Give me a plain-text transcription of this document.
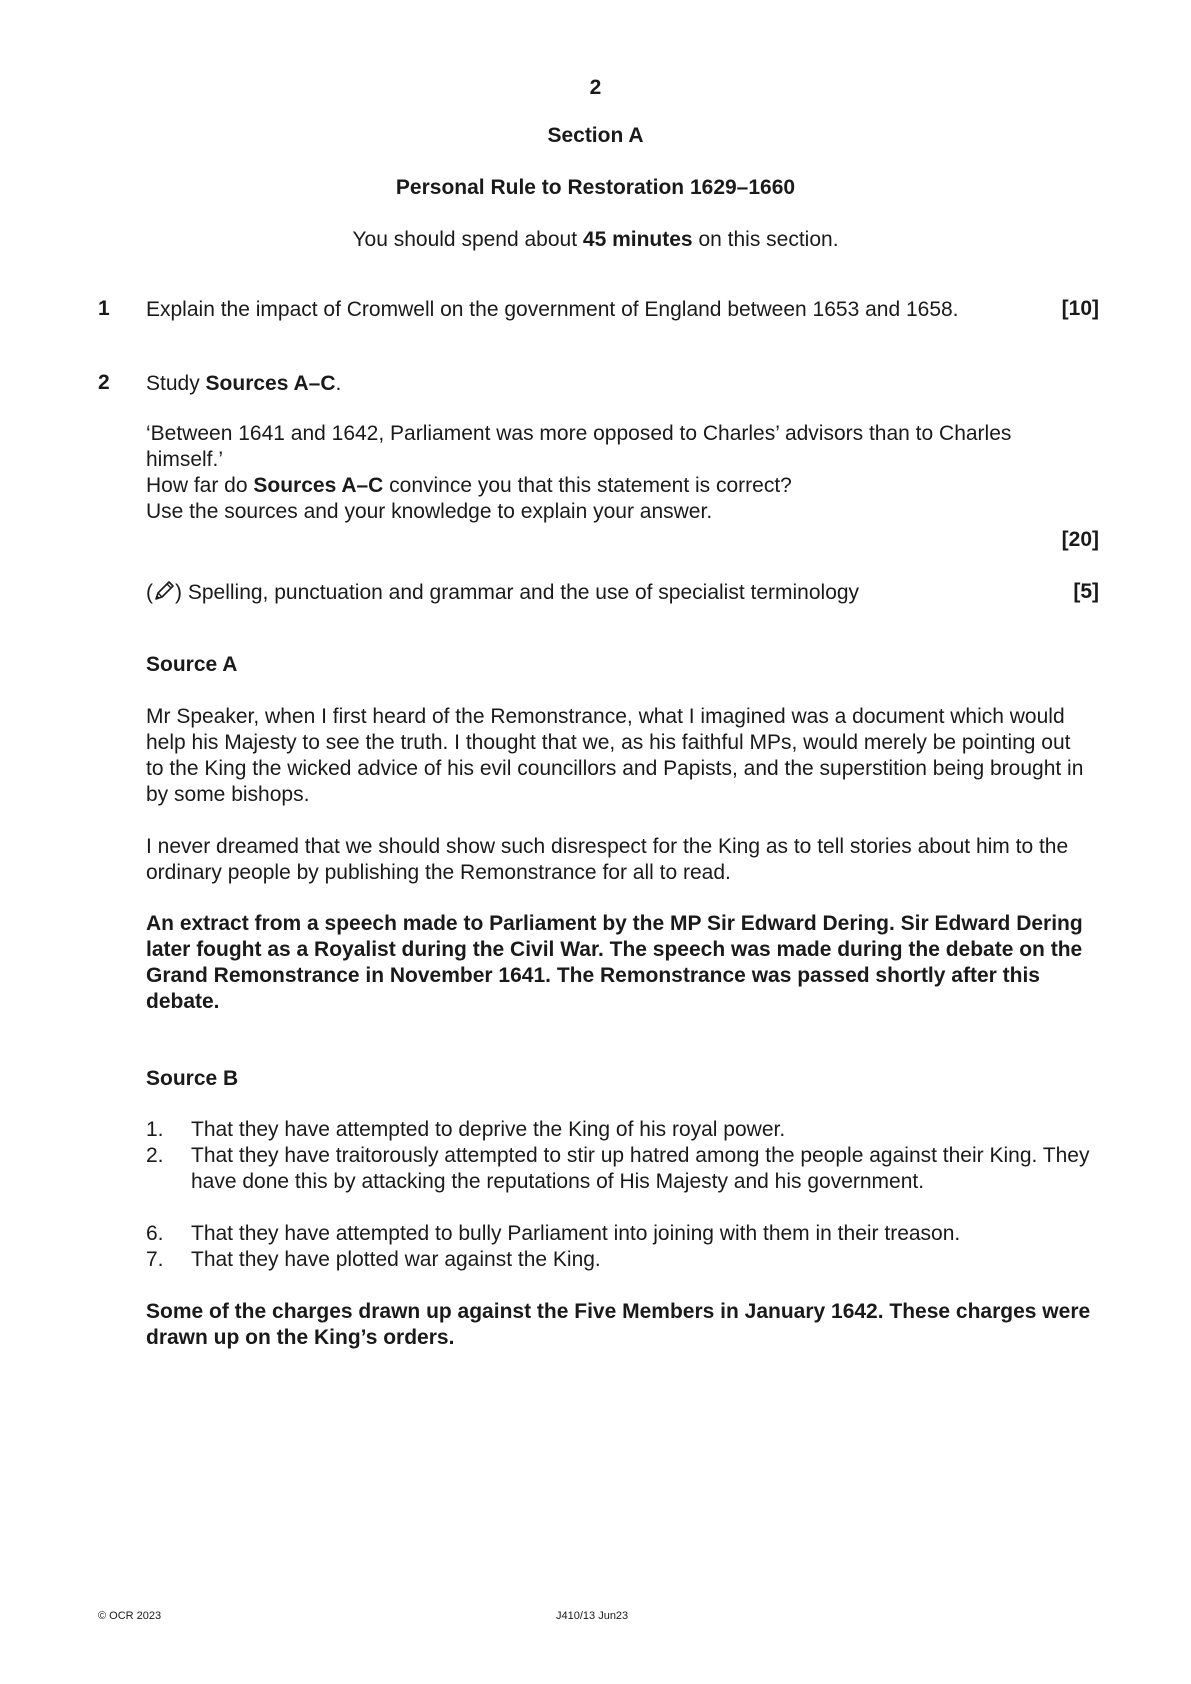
2
Section A
Personal Rule to Restoration 1629–1660
You should spend about 45 minutes on this section.
1 Explain the impact of Cromwell on the government of England between 1653 and 1658.	[10]
2 Study Sources A–C.
‘Between 1641 and 1642, Parliament was more opposed to Charles’ advisors than to Charles himself.’
How far do Sources A–C convince you that this statement is correct?
Use the sources and your knowledge to explain your answer.
[20]
( ) Spelling, punctuation and grammar and the use of specialist terminology	[5]
Source A
Mr Speaker, when I first heard of the Remonstrance, what I imagined was a document which would help his Majesty to see the truth. I thought that we, as his faithful MPs, would merely be pointing out to the King the wicked advice of his evil councillors and Papists, and the superstition being brought in by some bishops.
I never dreamed that we should show such disrespect for the King as to tell stories about him to the ordinary people by publishing the Remonstrance for all to read.
An extract from a speech made to Parliament by the MP Sir Edward Dering. Sir Edward Dering later fought as a Royalist during the Civil War. The speech was made during the debate on the Grand Remonstrance in November 1641. The Remonstrance was passed shortly after this debate.
Source B
1. That they have attempted to deprive the King of his royal power.
2. That they have traitorously attempted to stir up hatred among the people against their King. They have done this by attacking the reputations of His Majesty and his government.
6. That they have attempted to bully Parliament into joining with them in their treason.
7. That they have plotted war against the King.
Some of the charges drawn up against the Five Members in January 1642. These charges were drawn up on the King’s orders.
© OCR 2023	J410/13 Jun23
